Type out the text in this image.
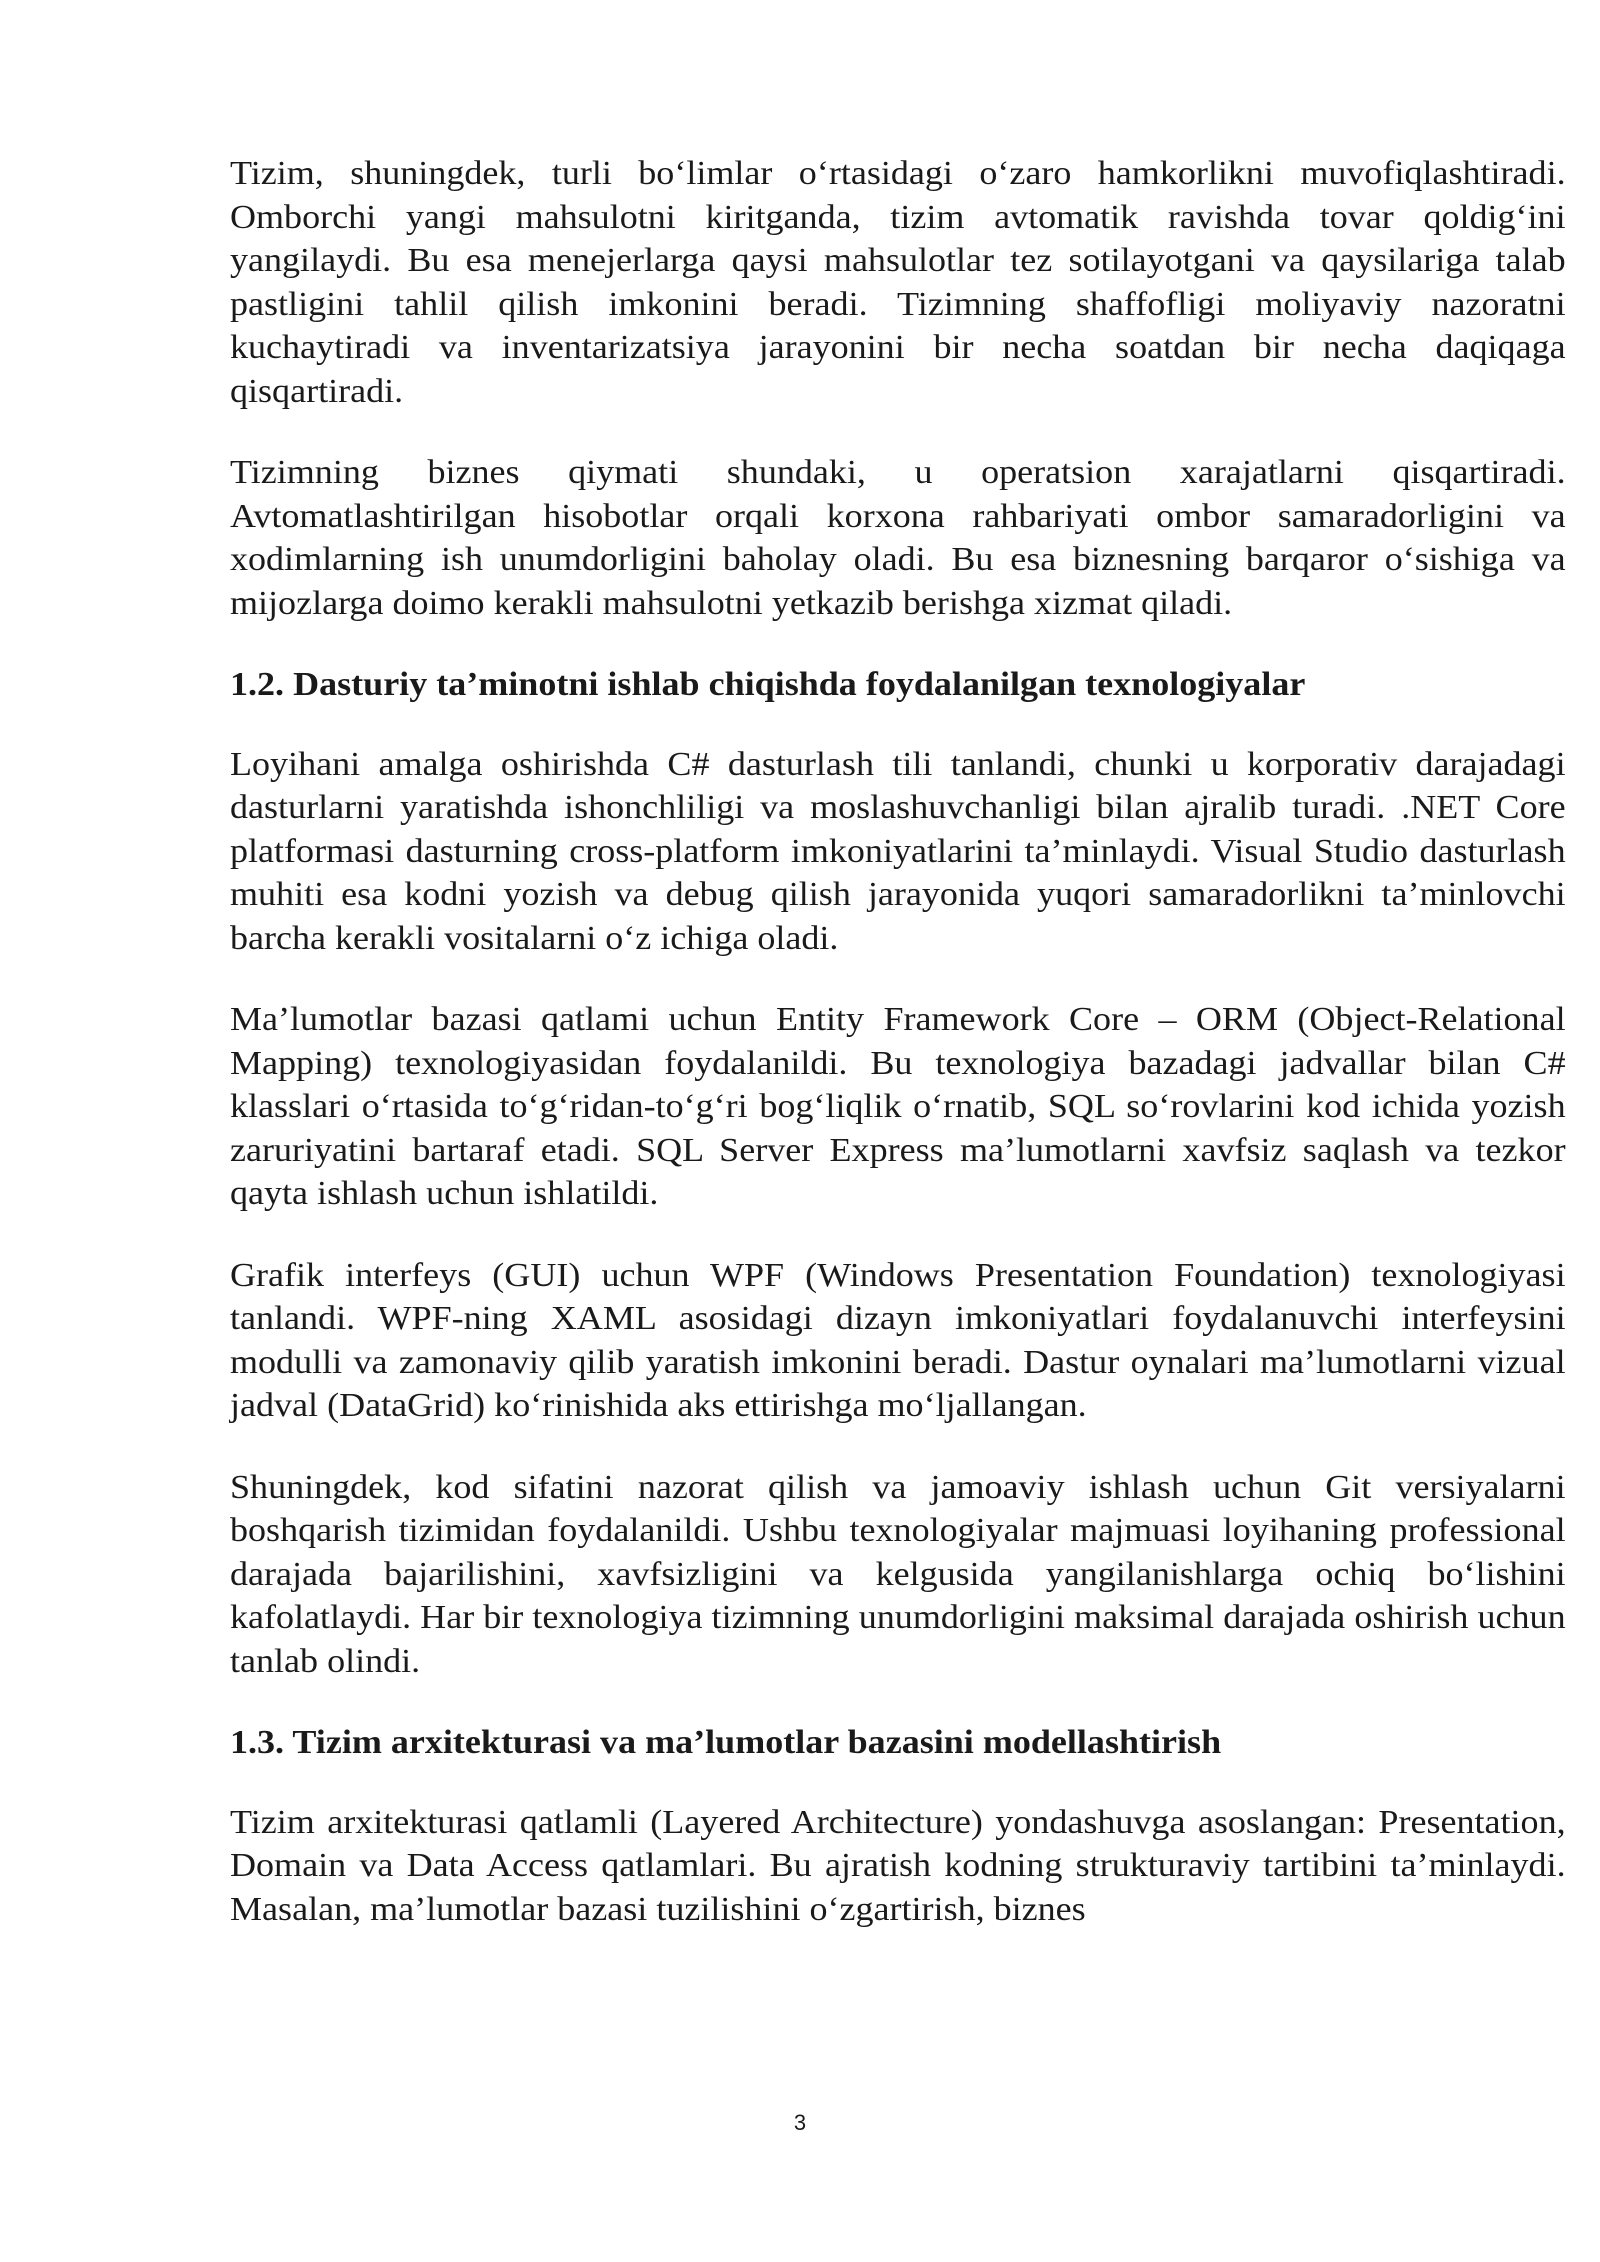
Tizim, shuningdek, turli bo‘limlar o‘rtasidagi o‘zaro hamkorlikni muvofiqlashtiradi. Omborchi yangi mahsulotni kiritganda, tizim avtomatik ravishda tovar qoldig‘ini yangilaydi. Bu esa menejerlarga qaysi mahsulotlar tez sotilayotgani va qaysilariga talab pastligini tahlil qilish imkonini beradi. Tizimning shaffofligi moliyaviy nazoratni kuchaytiradi va inventarizatsiya jarayonini bir necha soatdan bir necha daqiqaga qisqartiradi.

Tizimning biznes qiymati shundaki, u operatsion xarajatlarni qisqartiradi. Avtomatlashtirilgan hisobotlar orqali korxona rahbariyati ombor samaradorligini va xodimlarning ish unumdorligini baholay oladi. Bu esa biznesning barqaror o‘sishiga va mijozlarga doimo kerakli mahsulotni yetkazib berishga xizmat qiladi.

1.2. Dasturiy ta’minotni ishlab chiqishda foydalanilgan texnologiyalar

Loyihani amalga oshirishda C# dasturlash tili tanlandi, chunki u korporativ darajadagi dasturlarni yaratishda ishonchliligi va moslashuvchanligi bilan ajralib turadi. .NET Core platformasi dasturning cross-platform imkoniyatlarini ta’minlaydi. Visual Studio dasturlash muhiti esa kodni yozish va debug qilish jarayonida yuqori samaradorlikni ta’minlovchi barcha kerakli vositalarni o‘z ichiga oladi.

Ma’lumotlar bazasi qatlami uchun Entity Framework Core – ORM (Object-Relational Mapping) texnologiyasidan foydalanildi. Bu texnologiya bazadagi jadvallar bilan C# klasslari o‘rtasida to‘g‘ridan-to‘g‘ri bog‘liqlik o‘rnatib, SQL so‘rovlarini kod ichida yozish zaruriyatini bartaraf etadi. SQL Server Express ma’lumotlarni xavfsiz saqlash va tezkor qayta ishlash uchun ishlatildi.

Grafik interfeys (GUI) uchun WPF (Windows Presentation Foundation) texnologiyasi tanlandi. WPF-ning XAML asosidagi dizayn imkoniyatlari foydalanuvchi interfeysini modulli va zamonaviy qilib yaratish imkonini beradi. Dastur oynalari ma’lumotlarni vizual jadval (DataGrid) ko‘rinishida aks ettirishga mo‘ljallangan.

Shuningdek, kod sifatini nazorat qilish va jamoaviy ishlash uchun Git versiyalarni boshqarish tizimidan foydalanildi. Ushbu texnologiyalar majmuasi loyihaning professional darajada bajarilishini, xavfsizligini va kelgusida yangilanishlarga ochiq bo‘lishini kafolatlaydi. Har bir texnologiya tizimning unumdorligini maksimal darajada oshirish uchun tanlab olindi.

1.3. Tizim arxitekturasi va ma’lumotlar bazasini modellashtirish

Tizim arxitekturasi qatlamli (Layered Architecture) yondashuvga asoslangan: Presentation, Domain va Data Access qatlamlari. Bu ajratish kodning strukturaviy tartibini ta’minlaydi. Masalan, ma’lumotlar bazasi tuzilishini o‘zgartirish, biznes

3
